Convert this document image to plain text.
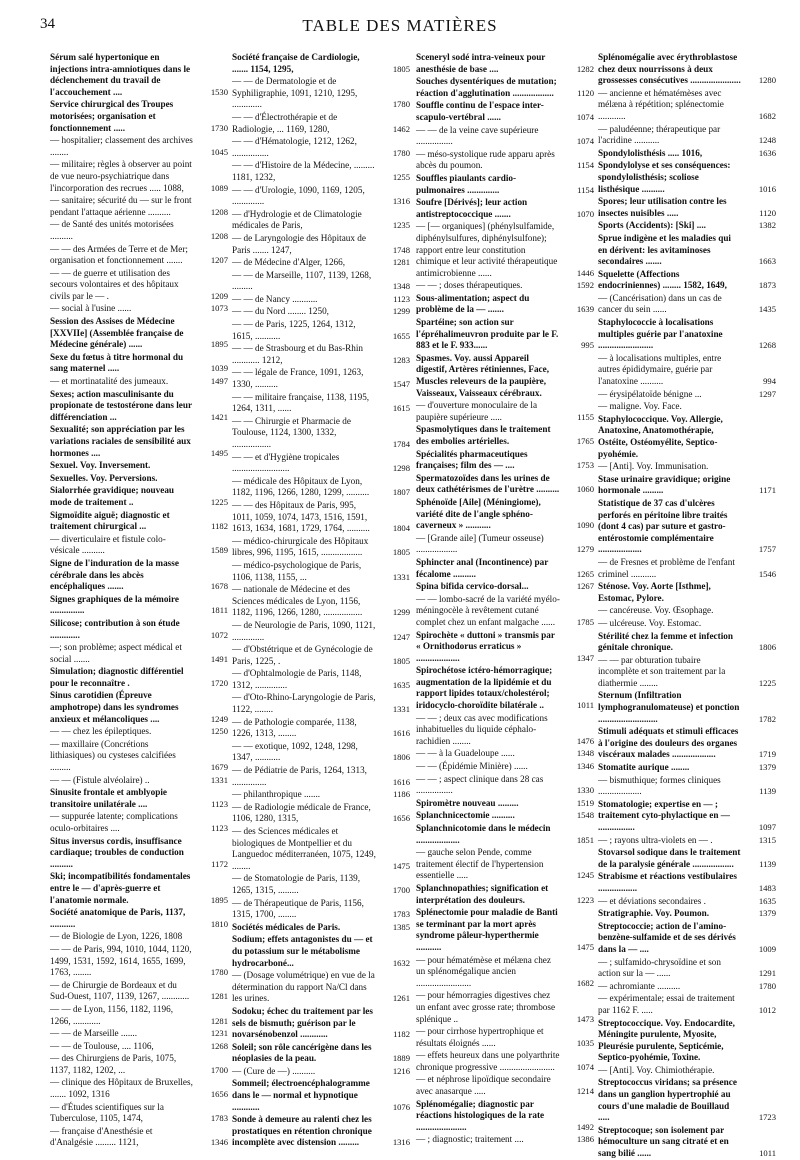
34	TABLE DES MATIÈRES
Sérum salé hypertonique en injections intra-amniotiques dans le déclenchement du travail de l'accouchement ....	1530
Service chirurgical des Troupes motorisées; organisation et fonctionnement .....	1730
— hospitalier; classement des archives ........	1045
— militaire; règles à observer au point de vue neuro-psychiatrique dans l'incorporation des recrues ..... 1088,	1089
— sanitaire; sécurité du — sur le front pendant l'attaque aérienne ..........	1208
— de Santé des unités motorisées ..........	1208
— — des Armées de Terre et de Mer; organisation et fonctionnement .......	1207
— — de guerre et utilisation des secours volontaires et des hôpitaux civils par le — .	1209
— social à l'usine ......	1073
Session des Assises de Médecine [XXVIIe] (Assemblée française de Médecine générale) ......	1895
Sexe du fœtus à titre hormonal du sang maternel .....	1039
— et mortinatalité des jumeaux.	1497
Sexes; action masculinisante du propionate de testostérone dans leur différenciation ...	1421
Sexualité; son appréciation par les variations raciales de sensibilité aux hormones ....	1495
Sexuel. Voy. Inversement.
Sexuelles. Voy. Perversions.
Sialorrhée gravidique; nouveau mode de traitement ..	1225
Sigmoïdite aiguë; diagnostic et traitement chirurgical ...	1182
— diverticulaire et fistule colo-vésicale ..........	1589
Signe de l'induration de la masse cérébrale dans les abcès encéphaliques .......	1678
Signes graphiques de la mémoire ...............	1811
Silicose; contribution à son étude .............	1072
—; son problème; aspect médical et social .......	1491
Simulation; diagnostic différentiel pour le reconnaître .	1720
Sinus carotidien (Épreuve amphotrope) dans les syndromes anxieux et mélancoliques ....	1249
— — chez les épileptiques.	1250
— maxillaire (Concrétions lithiasiques) ou cysteses calcifiées .........	1679
— — (Fistule alvéolaire) ..	1331
Sinusite frontale et amblyopie transitoire unilatérale ....	1123
— suppurée latente; complications oculo-orbitaires ....	1123
Situs inversus cordis, insuffisance cardiaque; troubles de conduction ..........	1172
Ski; incompatibilités fondamentales entre le — d'après-guerre et l'anatomie normale.	1895
Société anatomique de Paris, 1137, ...........	1810
— de Biologie de Lyon, 1226, 1808
— — de Paris, 994, 1010, 1044, 1120, 1499, 1531, 1592, 1614, 1655, 1699, 1763, ........	1780
— de Chirurgie de Bordeaux et du Sud-Ouest, 1107, 1139, 1267, ............	1281
— — de Lyon, 1156, 1182, 1196, 1266, ............	1281
— — de Marseille .......	1231
— — de Toulouse, .... 1106,	1268
— des Chirurgiens de Paris, 1075, 1137, 1182, 1202, ...	1700
— clinique des Hôpitaux de Bruxelles, ....... 1092, 1316	1656
— d'Études scientifiques sur la Tuberculose, 1105, 1474,	1783
— française d'Anesthésie et d'Analgésie ......... 1121,	1346
Société française de Cardiologie, ....... 1154, 1295,	1805
— — de Dermatologie et de Syphiligraphie, 1091, 1210, 1295, .............	1780
— — d'Électrothérapie et de Radiologie, ... 1169, 1280,	1462
— — d'Hématologie, 1212, 1262, ................	1780
— — d'Histoire de la Médecine, ......... 1181, 1232,	1255
— — d'Urologie, 1090, 1169, 1205, ..............	1316
— d'Hydrologie et de Climatologie médicales de Paris,	1235
— de Laryngologie des Hôpitaux de Paris ....... 1247,	1748
— de Médecine d'Alger, 1266,	1281
— — de Marseille, 1107, 1139, 1268, .........	1348
— — de Nancy ...........	1123
— — du Nord ........ 1250,	1299
— — de Paris, 1225, 1264, 1312, 1615, ...........	1655
— — de Strasbourg et du Bas-Rhin ............ 1212,	1283
— — légale de France, 1091, 1263, 1330, ..........	1547
— — militaire française, 1138, 1195, 1264, 1311, ......	1615
— — Chirurgie et Pharmacie de Toulouse, 1124, 1300, 1332, .................	1784
— — et d'Hygiène tropicales .........................	1298
— médicale des Hôpitaux de Lyon, 1182, 1196, 1266, 1280, 1299, ..........	1807
— — des Hôpitaux de Paris, 995, 1011, 1059, 1074, 1473, 1516, 1591, 1613, 1634, 1681, 1729, 1764, ..........	1804
— médico-chirurgicale des Hôpitaux libres, 996, 1195, 1615, ..................	1805
— médico-psychologique de Paris, 1106, 1138, 1155, ...	1331
— nationale de Médecine et des Sciences médicales de Lyon, 1156, 1182, 1196, 1266, 1280, .................	1299
— de Neurologie de Paris, 1090, 1121, ..............	1247
— d'Obstétrique et de Gynécologie de Paris, 1225, .	1805
— d'Ophtalmologie de Paris, 1148, 1312, ..............	1635
— d'Oto-Rhino-Laryngologie de Paris, 1122, ........	1331
— de Pathologie comparée, 1138, 1226, 1313, ........	1616
— — exotique, 1092, 1248, 1298, 1347, ...........	1806
— de Pédiatrie de Paris, 1264, 1313, ...............	1616
— philanthropique .......	1186
— de Radiologie médicale de France, 1106, 1280, 1315,	1656
— des Sciences médicales et biologiques de Montpellier et du Languedoc méditerranéen, 1075, 1249, ........	1475
— de Stomatologie de Paris, 1139, 1265, 1315, .........	1700
— de Thérapeutique de Paris, 1156, 1315, 1700, ........	1783
Sociétés médicales de Paris.	1385
Sodium; effets antagonistes du — et du potassium sur le métabolisme hydrocarboné...	1632
— (Dosage volumétrique) en vue de la détermination du rapport Na/Cl dans les urines.	1261
Sodoku; échec du traitement par les sels de bismuth; guérison par le novarsénobenzol ............	1182
Soleil; son rôle cancérigène dans les néoplasies de la peau.	1889
— (Cure de —) ..........	1216
Sommeil; électroencéphalogramme dans le — normal et hypnotique ............	1076
Sonde à demeure au ralenti chez les prostatiques en rétention chronique incomplète avec distension .........	1316
Sceneryl sodé intra-veineux pour anesthésie de base ....	1282
Souches dysentériques de mutation; réaction d'agglutination ..................	1120
Souffle continu de l'espace inter-scapulo-vertébral ......	1074
— — de la veine cave supérieure ................	1074
— méso-systolique rude apparu après abcès du poumon.	1154
Souffles piaulants cardio-pulmonaires ..............	1154
Soufre [Dérivés]; leur action antistreptococcique .......	1070
— [— organiques] (phénylsulfamide, diphénylsulfures, diphénylsulfone); rapport entre leur constitution chimique et leur activité thérapeutique antimicrobienne ......	1446
— — ; doses thérapeutiques.	1592
Sous-alimentation; aspect du problème de la — .......	1639
Spartéine; son action sur l'épréhalimeuvron produite par le F. 883 et le F. 933......	995
Spasmes. Voy. aussi Appareil digestif, Artères rétiniennes, Face, Muscles releveurs de la paupière, Vaisseaux, Vaisseaux cérébraux.
— d'ouverture monoculaire de la paupière supérieure .....	1155
Spasmolytiques dans le traitement des embolies artérielles.	1765
Spécialités pharmaceutiques françaises; film des — ....	1753
Spermatozoïdes dans les urines de deux cathétérismes de l'urètre ..........	1060
Sphénoïde [Aile] (Méningiome), variété dite de l'angle sphéno-caverneux » ...........	1090
— [Grande aile] (Tumeur osseuse) ..................	1279
Sphincter anal (Incontinence) par fécalome ..........	1265
Spina bifida cervico-dorsal...	1267
— — lombo-sacré de la variété myélo-méningocèle à revêtement cutané complet chez un enfant malgache ......	1785
Spirochète « duttoni » transmis par « Ornithodorus erraticus » ...................	1347
Spirochétose ictéro-hémorragique; augmentation de la lipidémie et du rapport lipides totaux/cholestérol; iridocyclo-choroïdite bilatérale ..	1011
— — ; deux cas avec modifications inhabituelles du liquide céphalo-rachidien ........	1476
— — à la Guadeloupe ......	1348
— — (Épidémie Minière) ......	1346
— — ; aspect clinique dans 28 cas ................	1330
Spiromètre nouveau .........	1519
Splanchnicectomie ..........	1548
Splanchnicotomie dans le médecin ...................	1851
— gauche selon Pende, comme traitement électif de l'hypertension essentielle .....	1245
Splanchnopathies; signification et interprétation des douleurs.	1223
Splénectomie pour maladie de Banti se terminant par la mort après syndrome pâleur-hyperthermie ...........	1475
— pour hématémèse et mélæna chez un splénomégalique ancien ........................	1682
— pour hémorragies digestives chez un enfant avec grosse rate; thrombose splénique ..	1473
— pour cirrhose hypertrophique et résultats éloignés ......	1035
— effets heureux dans une polyarthrite chronique progressive ........................	1074
— et néphrose lipoïdique secondaire avec anasarque .....	1214
Splénomégalie; diagnostic par réactions histologiques de la rate ......................	1492
— ; diagnostic; traitement ....	1386
Splénomégalie avec érythroblastose chez deux nourrissons à deux grossesses consécutives ......................	1280
— ancienne et hématémèses avec mélæna à répétition; splénectomie ............	1682
— paludéenne; thérapeutique par l'acridine ...........	1248
Spondylolisthésis ..... 1016,	1636
Spondylolyse et ses conséquences: spondylolisthésis; scoliose listhésique ..........	1016
Spores; leur utilisation contre les insectes nuisibles .....	1120
Sports (Accidents): [Ski] ....	1382
Sprue indigène et les maladies qui en dérivent: les avitaminoses secondaires .......	1663
Squelette (Affections endocriniennes) ........ 1582, 1649,	1873
— (Cancérisation) dans un cas de cancer du sein ......	1435
Staphylococcie à localisations multiples guérie par l'anatoxine ........................	1268
— à localisations multiples, entre autres épididymaire, guérie par l'anatoxine ..........	994
— érysipélatoïde bénigne ...	1297
— maligne. Voy. Face.
Staphylococcique. Voy. Allergie, Anatoxine, Anatomothérapie, Ostéite, Ostéomyélite, Septico-pyohémie.
— [Anti]. Voy. Immunisation.
Stase urinaire gravidique; origine hormonale .........	1171
Statistique de 37 cas d'ulcères perforés en péritoine libre traités (dont 4 cas) par suture et gastro-entérostomie complémentaire ...................	1757
— de Fresnes et problème de l'enfant criminel ...........	1546
Sténose. Voy. Aorte [Isthme], Estomac, Pylore.
— cancéreuse. Voy. Œsophage.
— ulcéreuse. Voy. Estomac.
Stérilité chez la femme et infection génitale chronique.	1806
— — par obturation tubaire incomplète et son traitement par la diathermie ........	1225
Sternum (Infiltration lymphogranulomateuse) et ponction ..........................	1782
Stimuli adéquats et stimuli efficaces à l'origine des douleurs des organes viscéraux malades ...................	1719
Stomatite aurique ........	1379
— bismuthique; formes cliniques ...................	1139
Stomatologie; expertise en — ; traitement cyto-phylactique en — ................	1097
— ; rayons ultra-violets en — .	1315
Stovarsol sodique dans le traitement de la paralysie générale ..................	1139
Strabisme et réactions vestibulaires .................	1483
— et déviations secondaires .	1635
Stratigraphie. Voy. Poumon.	1379
Streptococcie; action de l'amino-benzène-sulfamide et de ses dérivés dans la — ....	1009
— ; sulfamido-chrysoïdine et son action sur la — ......	1291
— achromiante ..........	1780
— expérimentale; essai de traitement par 1162 F. .....	1012
Streptococcique. Voy. Endocardite, Méningite purulente, Myosite, Pleurésie purulente, Septicémie, Septico-pyohémie, Toxine.
— [Anti]. Voy. Chimiothérapie.
Streptococcus viridans; sa présence dans un ganglion hypertrophié au cours d'une maladie de Bouillaud .....	1723
Streptocoque; son isolement par hémoculture un sang citraté et en sang bilié ......	1011
